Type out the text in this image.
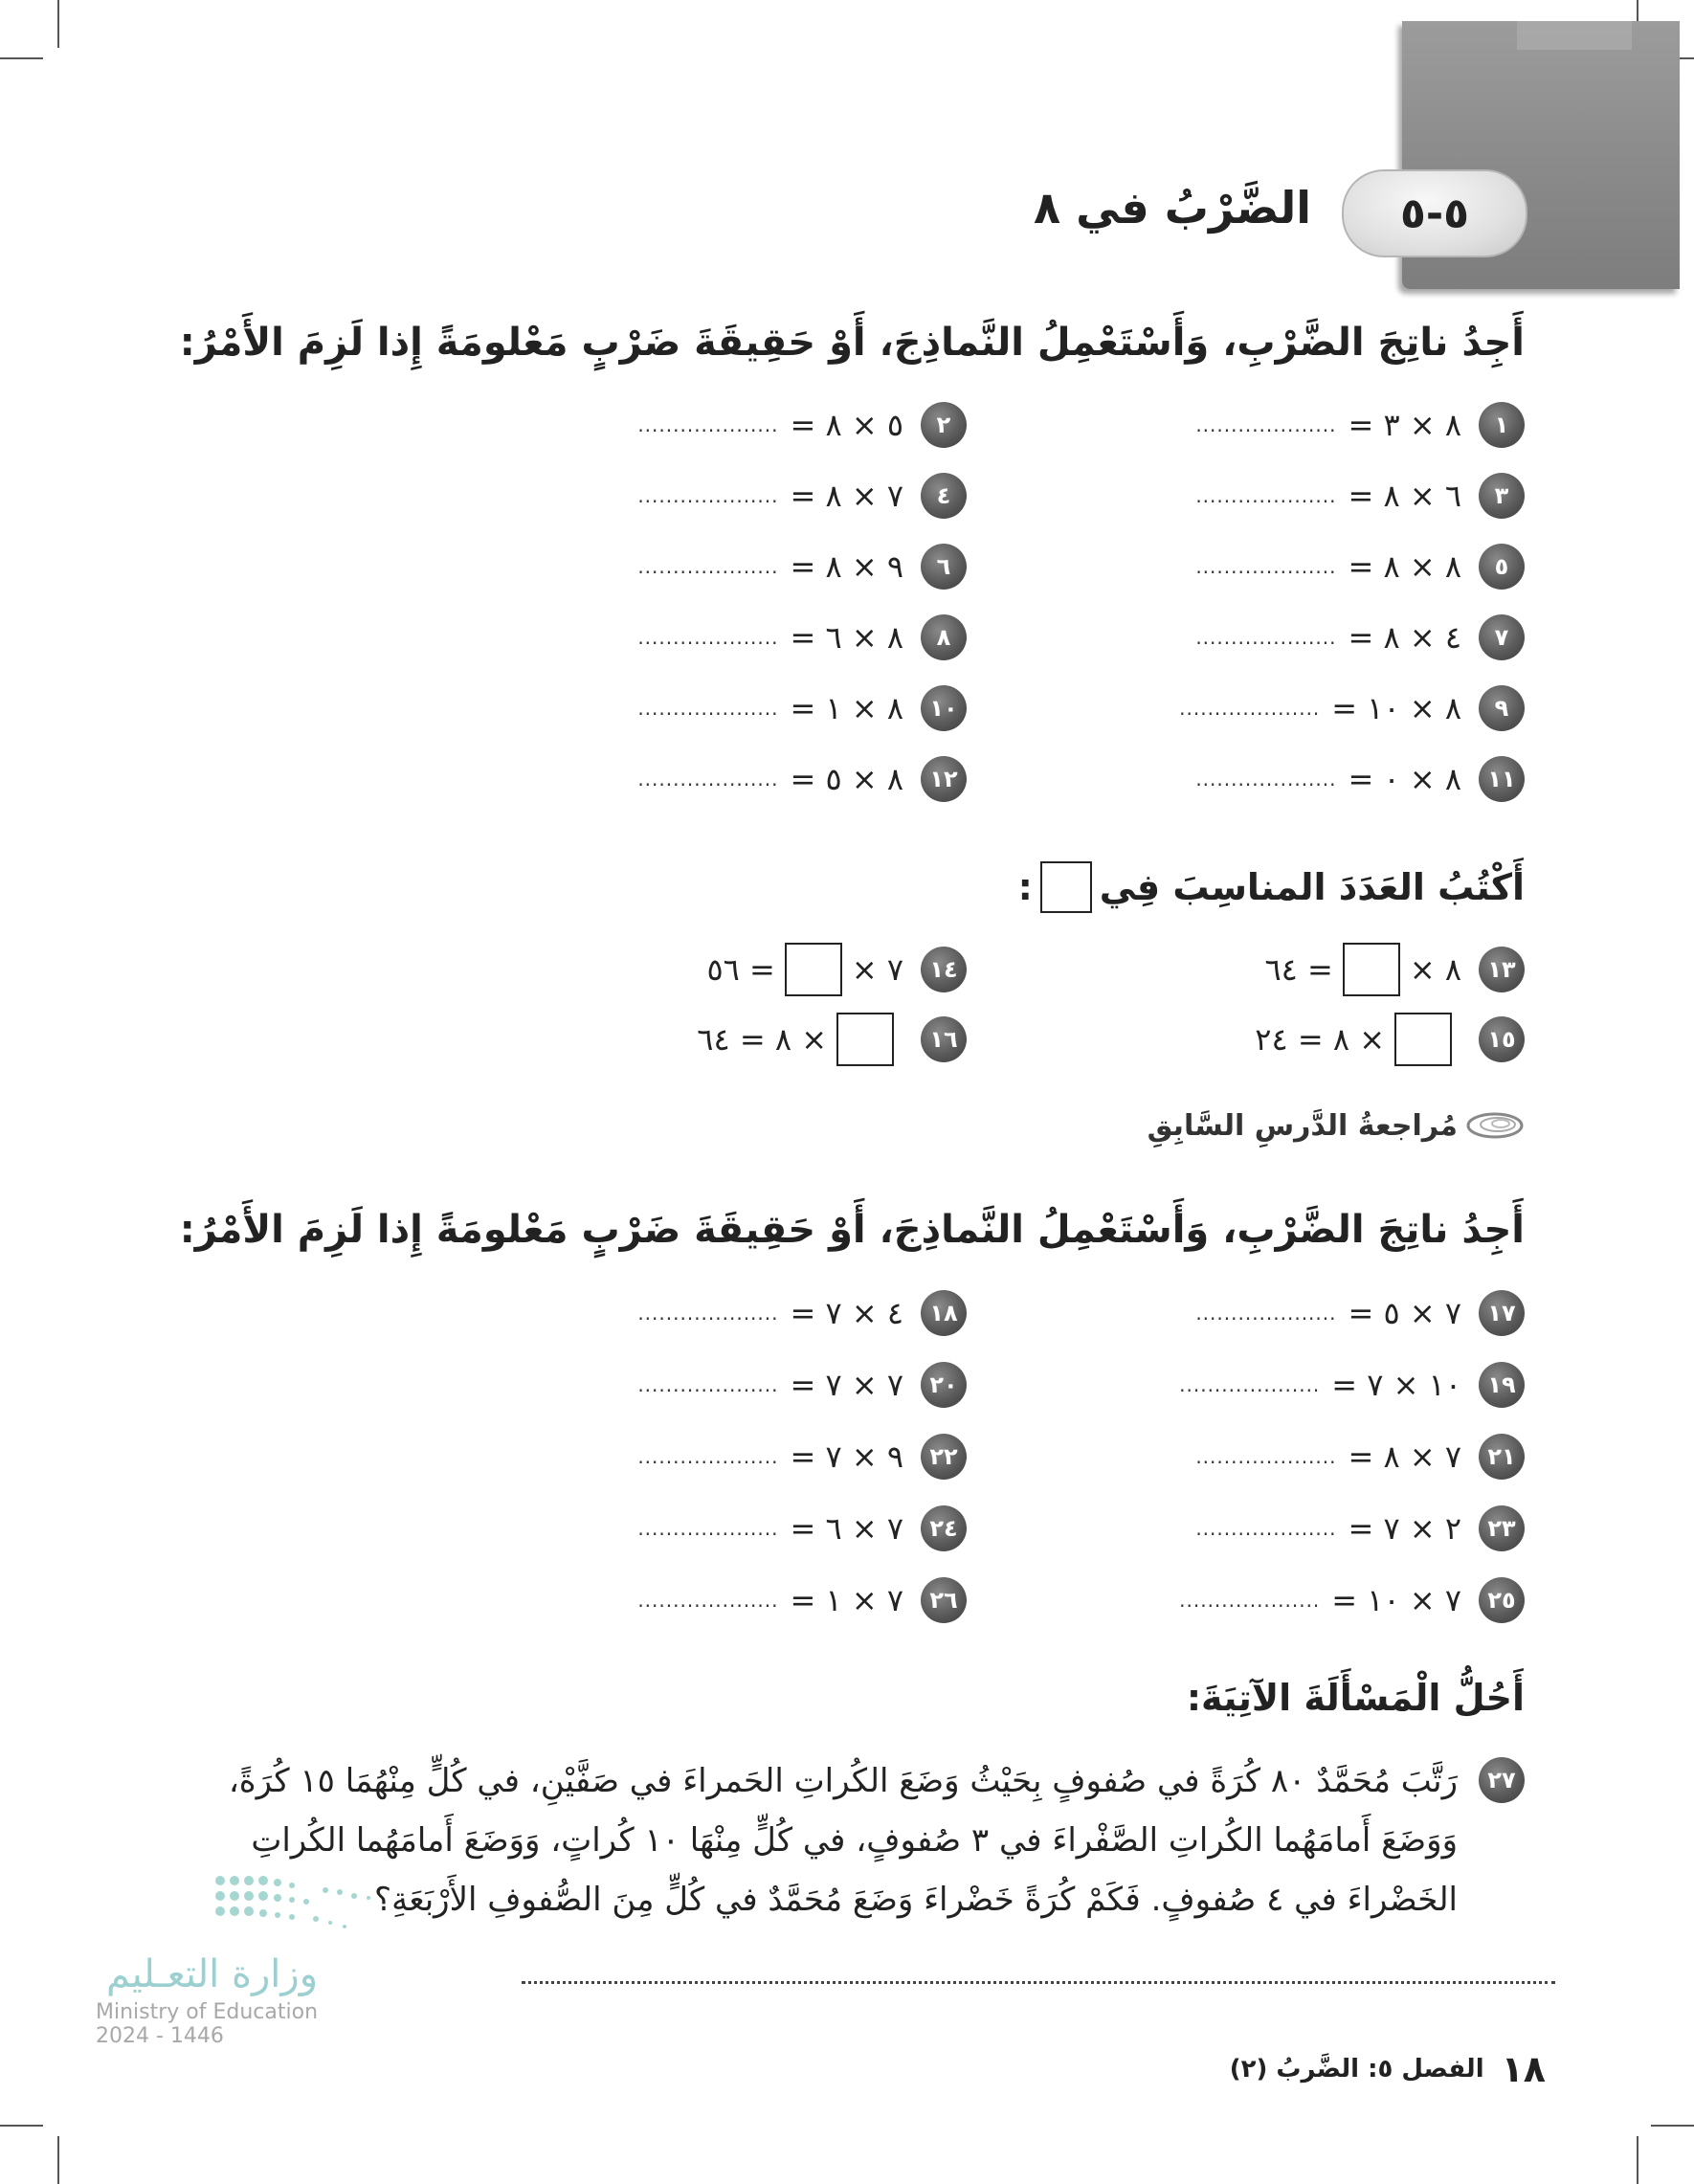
٥-٥
الضَّرْبُ في ٨
أَجِدُ ناتِجَ الضَّرْبِ، وَأَسْتَعْمِلُ النَّماذِجَ، أَوْ حَقِيقَةَ ضَرْبٍ مَعْلومَةً إِذا لَزِمَ الأَمْرُ:
١
٨ × ٣ =
....................
٢
٥ × ٨ =
....................
٣
٦ × ٨ =
....................
٤
٧ × ٨ =
....................
٥
٨ × ٨ =
....................
٦
٩ × ٨ =
....................
٧
٤ × ٨ =
....................
٨
٨ × ٦ =
....................
٩
٨ × ١٠ =
....................
١٠
٨ × ١ =
....................
١١
٨ × ٠ =
....................
١٢
٨ × ٥ =
....................
أَكْتُبُ العَدَدَ المناسِبَ فِي
:
١٣
٨ ×
= ٦٤
١٤
٧ ×
= ٥٦
١٥
× ٨ = ٢٤
١٦
× ٨ = ٦٤
مُراجعةُ الدَّرسِ السَّابِقِ
أَجِدُ ناتِجَ الضَّرْبِ، وَأَسْتَعْمِلُ النَّماذِجَ، أَوْ حَقِيقَةَ ضَرْبٍ مَعْلومَةً إِذا لَزِمَ الأَمْرُ:
١٧
٧ × ٥ =
....................
١٨
٤ × ٧ =
....................
١٩
١٠ × ٧ =
....................
٢٠
٧ × ٧ =
....................
٢١
٧ × ٨ =
....................
٢٢
٩ × ٧ =
....................
٢٣
٢ × ٧ =
....................
٢٤
٧ × ٦ =
....................
٢٥
٧ × ١٠ =
....................
٢٦
٧ × ١ =
....................
أَحُلُّ الْمَسْأَلَةَ الآتِيَةَ:
٢٧
رَتَّبَ مُحَمَّدٌ ٨٠ كُرَةً في صُفوفٍ بِحَيْثُ وَضَعَ الكُراتِ الحَمراءَ في صَفَّيْنِ، في كُلٍّ مِنْهُمَا ١٥ كُرَةً،
وَوَضَعَ أَمامَهُما الكُراتِ الصَّفْراءَ في ٣ صُفوفٍ، في كُلٍّ مِنْهَا ١٠ كُراتٍ، وَوَضَعَ أَمامَهُما الكُراتِ
الخَضْراءَ في ٤ صُفوفٍ. فَكَمْ كُرَةً خَضْراءَ وَضَعَ مُحَمَّدٌ في كُلٍّ مِنَ الصُّفوفِ الأَرْبَعَةِ؟
وزارة التعـليم
Ministry of Education
2024 - 1446
١٨
الفصل ٥: الضَّربُ (٢)
